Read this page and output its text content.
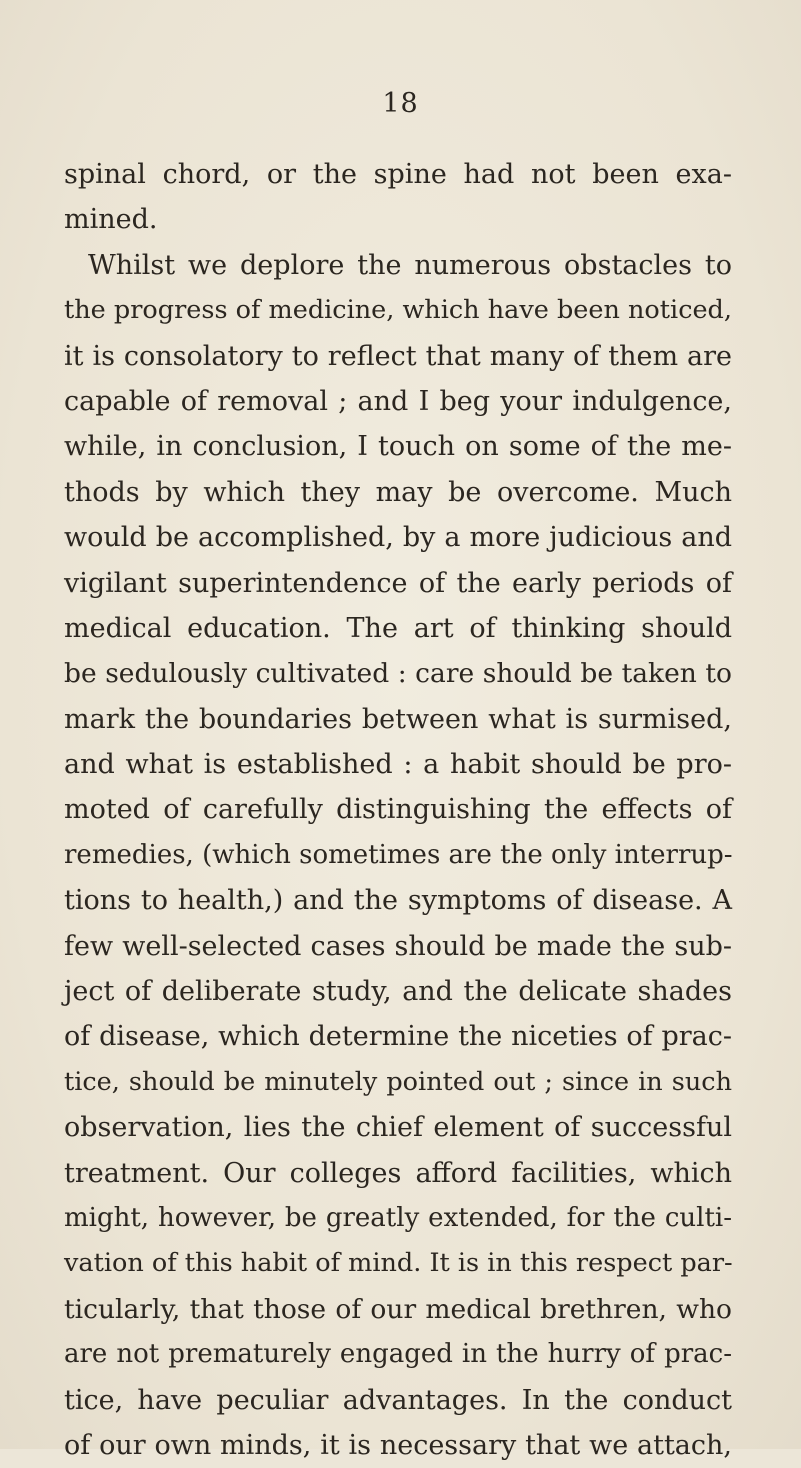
18
spinal chord, or the spine had not been exa-
mined.
Whilst we deplore the numerous obstacles to
the progress of medicine, which have been noticed,
it is consolatory to reflect that many of them are
capable of removal ; and I beg your indulgence,
while, in conclusion, I touch on some of the me-
thods by which they may be overcome. Much
would be accomplished, by a more judicious and
vigilant superintendence of the early periods of
medical education. The art of thinking should
be sedulously cultivated : care should be taken to
mark the boundaries between what is surmised,
and what is established : a habit should be pro-
moted of carefully distinguishing the effects of
remedies, (which sometimes are the only interrup-
tions to health,) and the symptoms of disease. A
few well-selected cases should be made the sub-
ject of deliberate study, and the delicate shades
of disease, which determine the niceties of prac-
tice, should be minutely pointed out ; since in such
observation, lies the chief element of successful
treatment. Our colleges afford facilities, which
might, however, be greatly extended, for the culti-
vation of this habit of mind. It is in this respect par-
ticularly, that those of our medical brethren, who
are not prematurely engaged in the hurry of prac-
tice, have peculiar advantages. In the conduct
of our own minds, it is necessary that we attach,
